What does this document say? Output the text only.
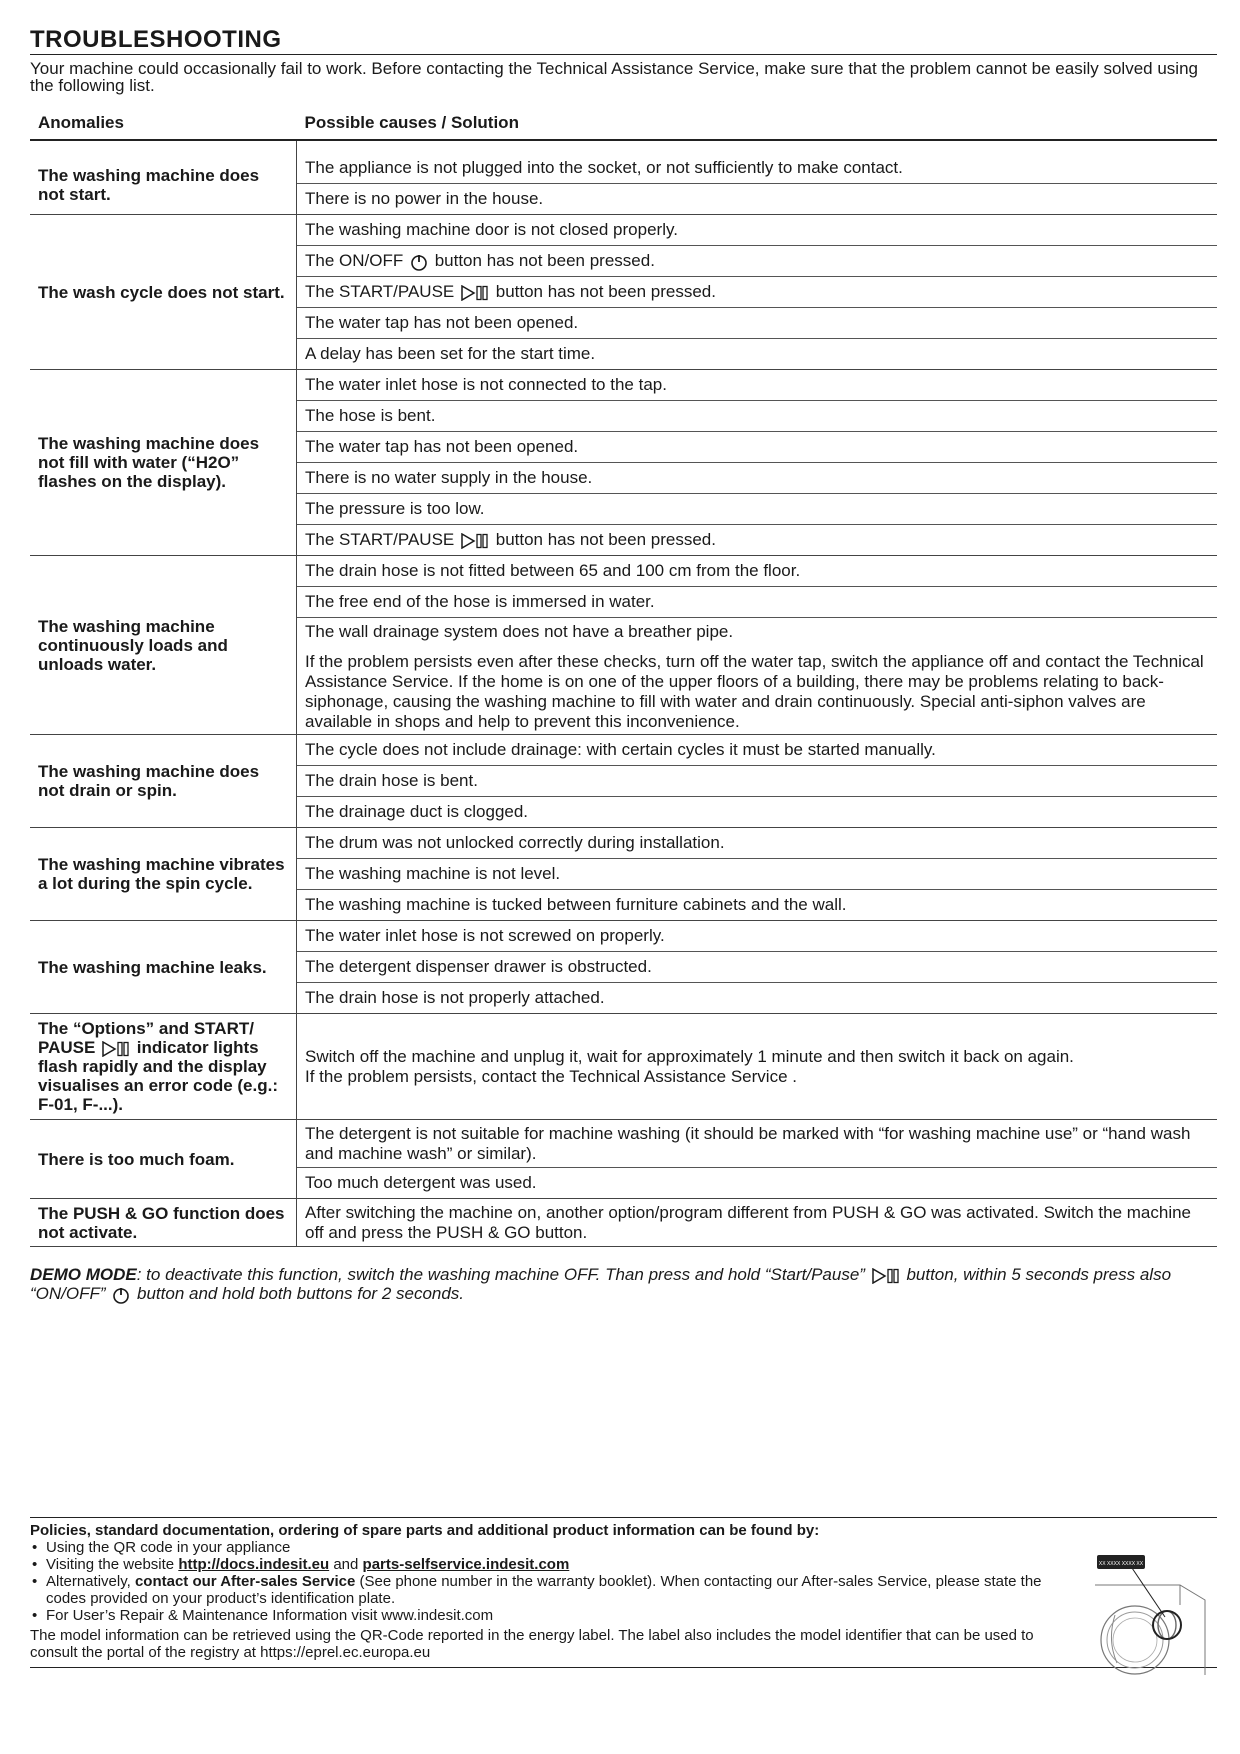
TROUBLESHOOTING
Your machine could occasionally fail to work. Before contacting the Technical Assistance Service, make sure that the problem cannot be easily solved using the following list.
Anomalies	Possible causes / Solution
The washing machine does not start.	The appliance is not plugged into the socket, or not sufficiently to make contact.
	There is no power in the house.
The wash cycle does not start.	The washing machine door is not closed properly.
	The ON/OFF button has not been pressed.
	The START/PAUSE button has not been pressed.
	The water tap has not been opened.
	A delay has been set for the start time.
The washing machine does not fill with water (“H2O” flashes on the display).	The water inlet hose is not connected to the tap.
	The hose is bent.
	The water tap has not been opened.
	There is no water supply in the house.
	The pressure is too low.
	The START/PAUSE button has not been pressed.
The washing machine continuously loads and unloads water.	The drain hose is not fitted between 65 and 100 cm from the floor.
	The free end of the hose is immersed in water.

	The wall drainage system does not have a breather pipe.
If the problem persists even after these checks, turn off the water tap, switch the appliance off and contact the Technical Assistance Service. If the home is on one of the upper floors of a building, there may be problems relating to back-siphonage, causing the washing machine to fill with water and drain continuously. Special anti-siphon valves are available in shops and help to prevent this inconvenience.

The washing machine does not drain or spin.	The cycle does not include drainage: with certain cycles it must be started manually.
	The drain hose is bent.
	The drainage duct is clogged.
The washing machine vibrates a lot during the spin cycle.	The drum was not unlocked correctly during installation.
	The washing machine is not level.
	The washing machine is tucked between furniture cabinets and the wall.
The washing machine leaks.	The water inlet hose is not screwed on properly.
	The detergent dispenser drawer is obstructed.
	The drain hose is not properly attached.
The “Options” and START/ PAUSE indicator lights flash rapidly and the display visualises an error code (e.g.: F-01, F-...).	Switch off the machine and unplug it, wait for approximately 1 minute and then switch it back on again.
If the problem persists, contact the Technical Assistance Service .

There is too much foam.	The detergent is not suitable for machine washing (it should be marked with “for washing machine use” or “hand wash and machine wash” or similar).
	Too much detergent was used.
The PUSH & GO function does not activate.	After switching the machine on, another option/program different from PUSH & GO was activated. Switch the machine off and press the PUSH & GO button.
DEMO MODE: to deactivate this function, switch the washing machine OFF. Than press and hold “Start/Pause” button, within 5 seconds press also “ON/OFF” button and hold both buttons for 2 seconds.
Policies, standard documentation, ordering of spare parts and additional product information can be found by:
• Using the QR code in your appliance
• Visiting the website http://docs.indesit.eu and parts-selfservice.indesit.com
• Alternatively, contact our After-sales Service (See phone number in the warranty booklet). When contacting our After-sales Service, please state the codes provided on your product’s identification plate.
• For User’s Repair & Maintenance Information visit www.indesit.com
The model information can be retrieved using the QR-Code reported in the energy label. The label also includes the model identifier that can be used to consult the portal of the registry at https://eprel.ec.europa.eu
XX XXXX XXXX XX
